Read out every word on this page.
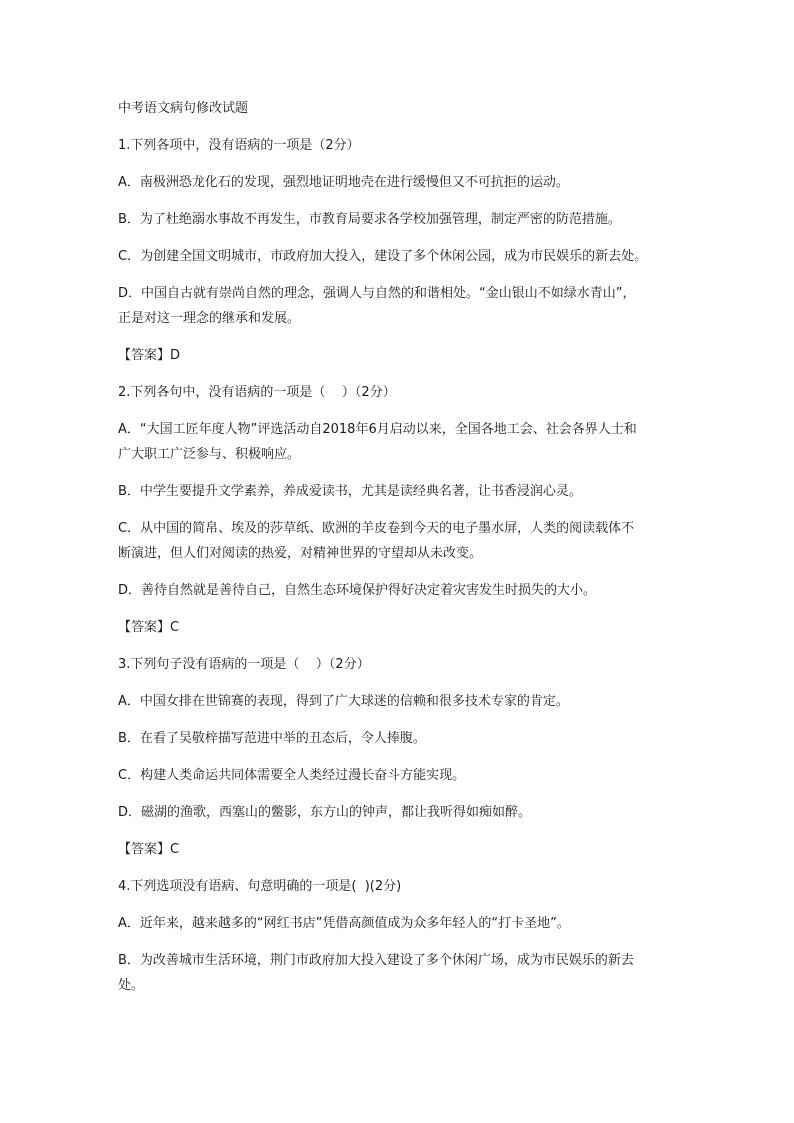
中考语文病句修改试题

1.下列各项中，没有语病的一项是（2分）

A．南极洲恐龙化石的发现，强烈地证明地壳在进行缓慢但又不可抗拒的运动。

B．为了杜绝溺水事故不再发生，市教育局要求各学校加强管理，制定严密的防范措施。

C．为创建全国文明城市，市政府加大投入，建设了多个休闲公园，成为市民娱乐的新去处。

D．中国自古就有崇尚自然的理念，强调人与自然的和谐相处。“金山银山不如绿水青山”，

正是对这一理念的继承和发展。

【答案】D

2.下列各句中，没有语病的一项是（    ）（2分）

A．“大国工匠年度人物”评选活动自2018年6月启动以来，全国各地工会、社会各界人士和

广大职工广泛参与、积极响应。

B．中学生要提升文学素养，养成爱读书，尤其是读经典名著，让书香浸润心灵。

C．从中国的简帛、埃及的莎草纸、欧洲的羊皮卷到今天的电子墨水屏，人类的阅读载体不

断演进，但人们对阅读的热爱，对精神世界的守望却从未改变。

D．善待自然就是善待自己，自然生态环境保护得好决定着灾害发生时损失的大小。

【答案】C

3.下列句子没有语病的一项是（    ）（2分）

A．中国女排在世锦赛的表现，得到了广大球迷的信赖和很多技术专家的肯定。

B．在看了吴敬梓描写范进中举的丑态后，令人捧腹。

C．构建人类命运共同体需要全人类经过漫长奋斗方能实现。

D．磁湖的渔歌，西塞山的鳖影，东方山的钟声，都让我听得如痴如醉。

【答案】C

4.下列选项没有语病、句意明确的一项是(  )(2分)

A．近年来，越来越多的“网红书店”凭借高颜值成为众多年轻人的“打卡圣地”。

B．为改善城市生活环境，荆门市政府加大投入建设了多个休闲广场，成为市民娱乐的新去

处。
